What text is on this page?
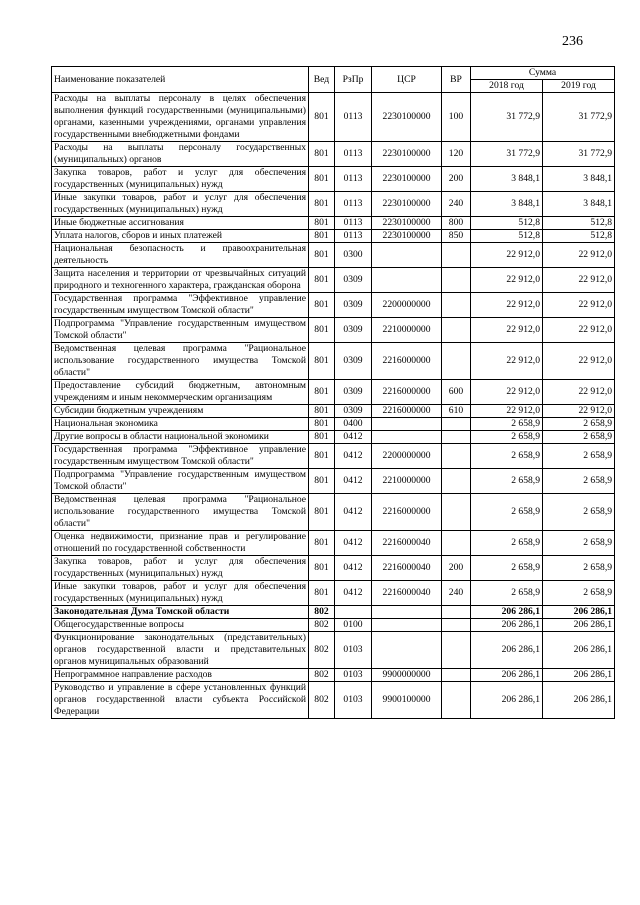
236
Наименование показателей	Вед	РзПр	ЦСР	ВР	Сумма	
					2018 год	2019 год
Расходы на выплаты персоналу в целях обеспечения выполнения функций государственными (муниципальными) органами, казенными учреждениями, органами управления государственными внебюджетными фондами	801	0113	2230100000	100	31 772,9	31 772,9
Расходы на выплаты персоналу государственных (муниципальных) органов	801	0113	2230100000	120	31 772,9	31 772,9
Закупка товаров, работ и услуг для обеспечения государственных (муниципальных) нужд	801	0113	2230100000	200	3 848,1	3 848,1
Иные закупки товаров, работ и услуг для обеспечения государственных (муниципальных) нужд	801	0113	2230100000	240	3 848,1	3 848,1
Иные бюджетные ассигнования	801	0113	2230100000	800	512,8	512,8
Уплата налогов, сборов и иных платежей	801	0113	2230100000	850	512,8	512,8
Национальная безопасность и правоохранительная деятельность	801	0300			22 912,0	22 912,0
Защита населения и территории от чрезвычайных ситуаций природного и техногенного характера, гражданская оборона	801	0309			22 912,0	22 912,0
Государственная программа "Эффективное управление государственным имуществом Томской области"	801	0309	2200000000		22 912,0	22 912,0
Подпрограмма "Управление государственным имуществом Томской области"	801	0309	2210000000		22 912,0	22 912,0
Ведомственная целевая программа "Рациональное использование государственного имущества Томской области"	801	0309	2216000000		22 912,0	22 912,0
Предоставление субсидий бюджетным, автономным учреждениям и иным некоммерческим организациям	801	0309	2216000000	600	22 912,0	22 912,0
Субсидии бюджетным учреждениям	801	0309	2216000000	610	22 912,0	22 912,0
Национальная экономика	801	0400			2 658,9	2 658,9
Другие вопросы в области национальной экономики	801	0412			2 658,9	2 658,9
Государственная программа "Эффективное управление государственным имуществом Томской области"	801	0412	2200000000		2 658,9	2 658,9
Подпрограмма "Управление государственным имуществом Томской области"	801	0412	2210000000		2 658,9	2 658,9
Ведомственная целевая программа "Рациональное использование государственного имущества Томской области"	801	0412	2216000000		2 658,9	2 658,9
Оценка недвижимости, признание прав и регулирование отношений по государственной собственности	801	0412	2216000040		2 658,9	2 658,9
Закупка товаров, работ и услуг для обеспечения государственных (муниципальных) нужд	801	0412	2216000040	200	2 658,9	2 658,9
Иные закупки товаров, работ и услуг для обеспечения государственных (муниципальных) нужд	801	0412	2216000040	240	2 658,9	2 658,9
Законодательная Дума Томской области	802				206 286,1	206 286,1
Общегосударственные вопросы	802	0100			206 286,1	206 286,1
Функционирование законодательных (представительных) органов государственной власти и представительных органов муниципальных образований	802	0103			206 286,1	206 286,1
Непрограммное направление расходов	802	0103	9900000000		206 286,1	206 286,1
Руководство и управление в сфере установленных функций органов государственной власти субъекта Российской Федерации	802	0103	9900100000		206 286,1	206 286,1
